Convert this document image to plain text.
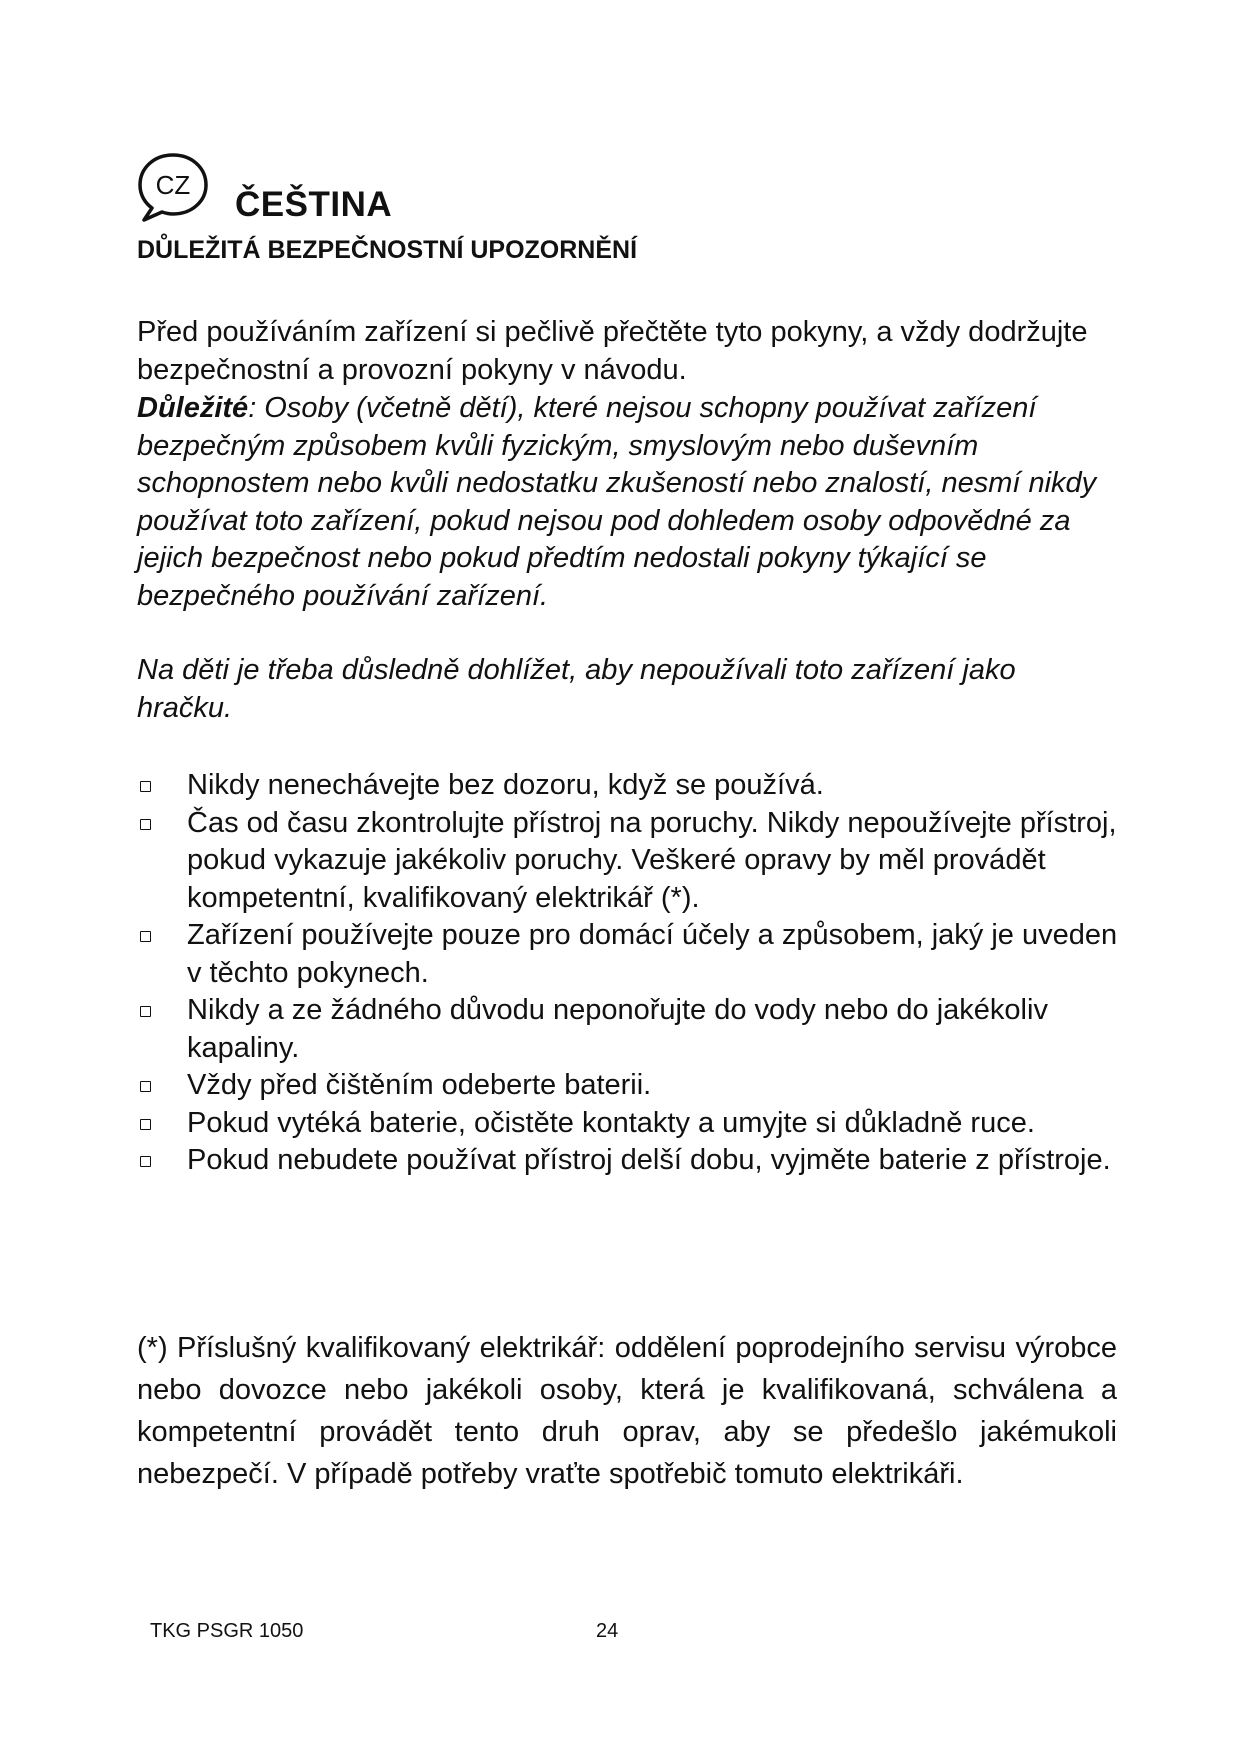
CZ ČEŠTINA
DŮLEŽITÁ BEZPEČNOSTNÍ UPOZORNĚNÍ

Před používáním zařízení si pečlivě přečtěte tyto pokyny, a vždy dodržujte bezpečnostní a provozní pokyny v návodu.

Důležité: Osoby (včetně dětí), které nejsou schopny používat zařízení bezpečným způsobem kvůli fyzickým, smyslovým nebo duševním schopnostem nebo kvůli nedostatku zkušeností nebo znalostí, nesmí nikdy používat toto zařízení, pokud nejsou pod dohledem osoby odpovědné za jejich bezpečnost nebo pokud předtím nedostali pokyny týkající se bezpečného používání zařízení.

Na děti je třeba důsledně dohlížet, aby nepoužívali toto zařízení jako hračku.

Nikdy nenechávejte bez dozoru, když se používá.
Čas od času zkontrolujte přístroj na poruchy. Nikdy nepoužívejte přístroj, pokud vykazuje jakékoliv poruchy. Veškeré opravy by měl provádět kompetentní, kvalifikovaný elektrikář (*).
Zařízení používejte pouze pro domácí účely a způsobem, jaký je uveden v těchto pokynech.
Nikdy a ze žádného důvodu neponořujte do vody nebo do jakékoliv kapaliny.
Vždy před čištěním odeberte baterii.
Pokud vytéká baterie, očistěte kontakty a umyjte si důkladně ruce.
Pokud nebudete používat přístroj delší dobu, vyjměte baterie z přístroje.

(*) Příslušný kvalifikovaný elektrikář: oddělení poprodejního servisu výrobce nebo dovozce nebo jakékoli osoby, která je kvalifikovaná, schválena a kompetentní provádět tento druh oprav, aby se předešlo jakémukoli nebezpečí. V případě potřeby vraťte spotřebič tomuto elektrikáři.

TKG PSGR 1050	24
